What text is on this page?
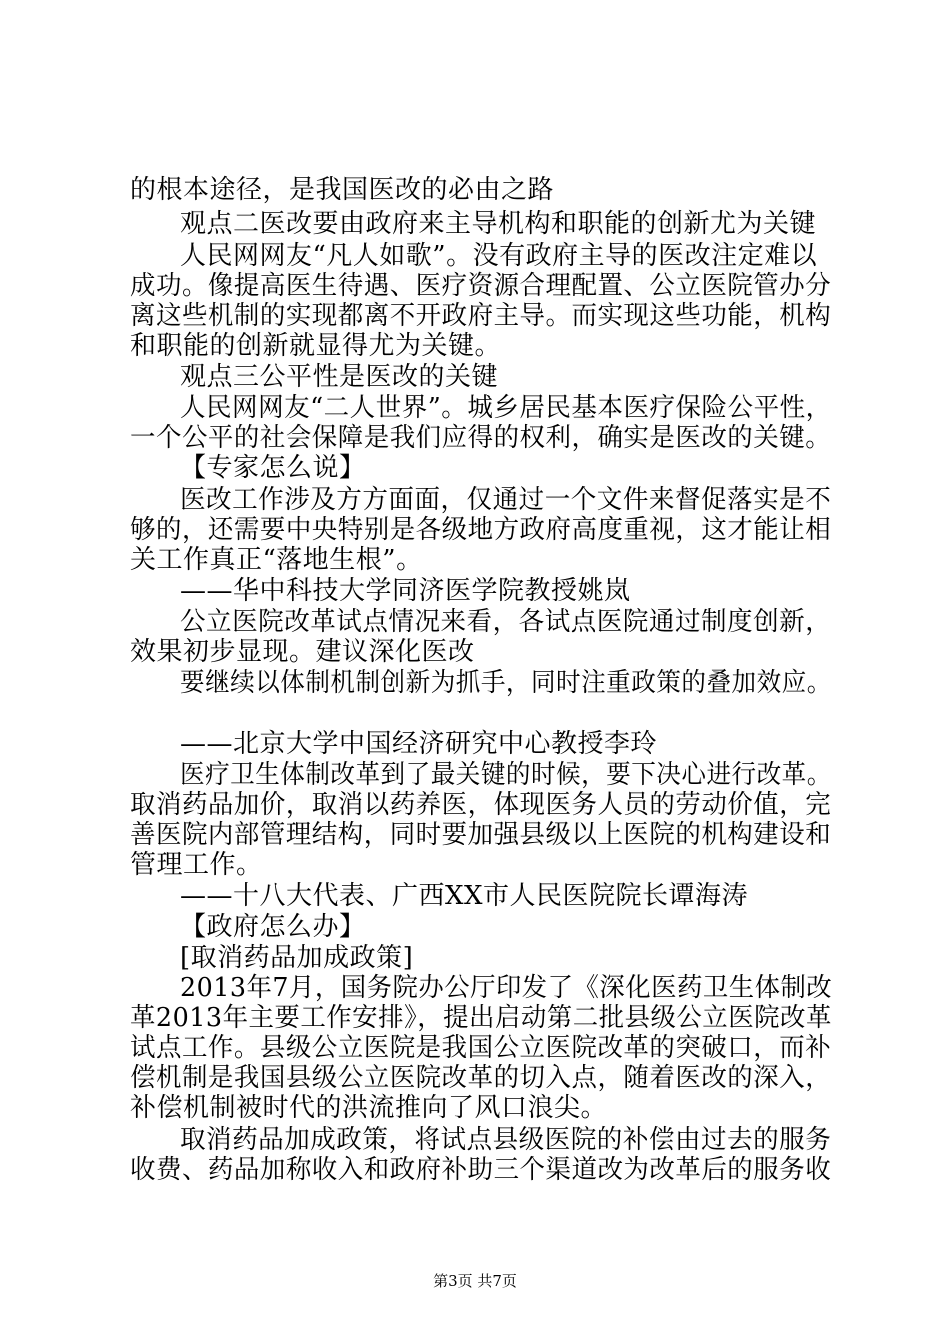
的根本途径，是我国医改的必由之路
观点二医改要由政府来主导机构和职能的创新尤为关键
人民网网友“凡人如歌”。没有政府主导的医改注定难以
成功。像提高医生待遇、医疗资源合理配置、公立医院管办分
离这些机制的实现都离不开政府主导。而实现这些功能，机构
和职能的创新就显得尤为关键。
观点三公平性是医改的关键
人民网网友“二人世界”。城乡居民基本医疗保险公平性，
一个公平的社会保障是我们应得的权利，确实是医改的关键。
【专家怎么说】
医改工作涉及方方面面，仅通过一个文件来督促落实是不
够的，还需要中央特别是各级地方政府高度重视，这才能让相
关工作真正“落地生根”。
——华中科技大学同济医学院教授姚岚
公立医院改革试点情况来看，各试点医院通过制度创新，
效果初步显现。建议深化医改
要继续以体制机制创新为抓手，同时注重政策的叠加效应。
——北京大学中国经济研究中心教授李玲
医疗卫生体制改革到了最关键的时候，要下决心进行改革。
取消药品加价，取消以药养医，体现医务人员的劳动价值，完
善医院内部管理结构，同时要加强县级以上医院的机构建设和
管理工作。
——十八大代表、广西XX市人民医院院长谭海涛
【政府怎么办】
[取消药品加成政策]
2013年7月，国务院办公厅印发了《深化医药卫生体制改
革2013年主要工作安排》，提出启动第二批县级公立医院改革
试点工作。县级公立医院是我国公立医院改革的突破口，而补
偿机制是我国县级公立医院改革的切入点，随着医改的深入，
补偿机制被时代的洪流推向了风口浪尖。
取消药品加成政策，将试点县级医院的补偿由过去的服务
收费、药品加称收入和政府补助三个渠道改为改革后的服务收
第3页 共7页
